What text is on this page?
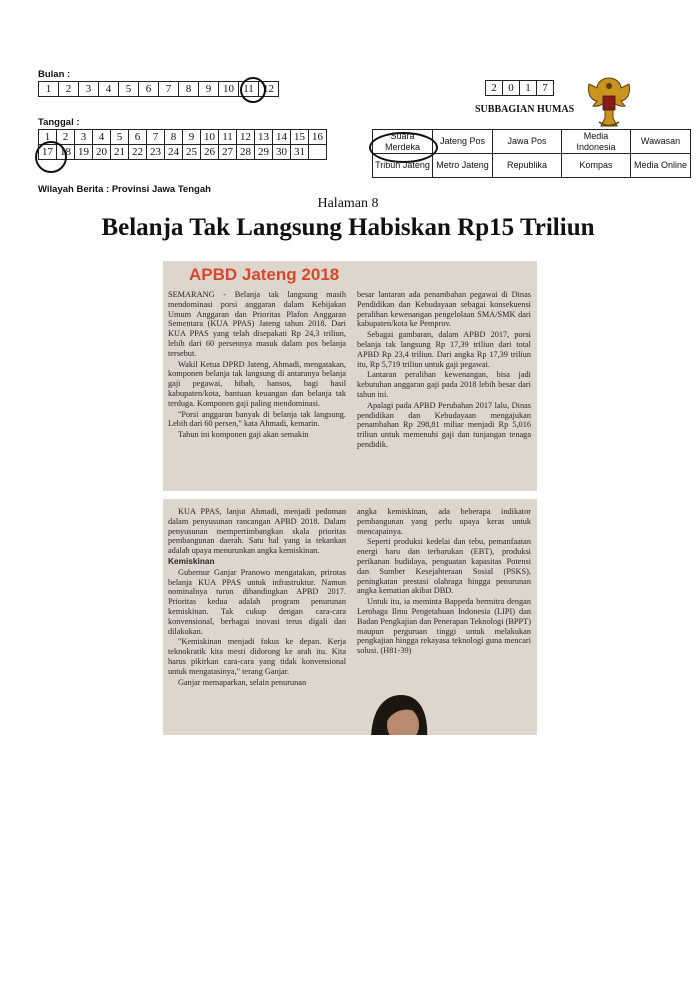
Bulan :
1	2	3	4	5	6	7	8	9	10	11	12
Tanggal :
1	2	3	4	5	6	7	8	9	10	11	12	13	14	15	16
17	18	19	20	21	22	23	24	25	26	27	28	29	30	31	
Wilayah Berita : Provinsi Jawa Tengah
2	0	1	7
SUBBAGIAN HUMAS
Suara Merdeka	Jateng Pos	Jawa Pos	Media Indonesia	Wawasan
Tribun Jateng	Metro Jateng	Republika	Kompas	Media Online
Halaman 8
Belanja Tak Langsung Habiskan Rp15 Triliun
APBD Jateng 2018

SEMARANG - Belanja tak langsung masih mendominasi porsi anggaran dalam Kebijakan Umum Anggaran dan Prioritas Plafon Anggaran Sementara (KUA PPAS) Jateng tahun 2018. Dari KUA PPAS yang telah disepakati Rp 24,3 triliun, lebih dari 60 persennya masuk dalam pos belanja tersebut.

Wakil Ketua DPRD Jateng, Ahmadi, mengatakan, komponen belanja tak langsung di antaranya belanja gaji pegawai, hibah, bansos, bagi hasil kabupaten/kota, bantuan keuangan dan belanja tak terduga. Komponen gaji paling mendominasi.

"Porsi anggaran banyak di belanja tak langsung. Lebih dari 60 persen," kata Ahmadi, kemarin.

Tahun ini komponen gaji akan semakin

besar lantaran ada penambahan pegawai di Dinas Pendidikan dan Kebudayaan sebagai konsekuensi peralihan kewenangan pengelolaan SMA/SMK dari kabupaten/kota ke Pemprov.

Sebagai gambaran, dalam APBD 2017, porsi belanja tak langsung Rp 17,39 triliun dari total APBD Rp 23,4 triliun. Dari angka Rp 17,39 triliun itu, Rp 5,719 triliun untuk gaji pegawai.

Lantaran peralihan kewenangan, bisa jadi kebutuhan anggaran gaji pada 2018 lebih besar dari tahun ini.

Apalagi pada APBD Perubahan 2017 lalu, Dinas pendidikan dan Kebudayaan mengajukan penambahan Rp 298,81 miliar menjadi Rp 5,016 triliun untuk memenuhi gaji dan tunjangan tenaga pendidik.

KUA PPAS, lanjut Ahmadi, menjadi pedoman dalam penyusunan rancangan APBD 2018. Dalam penyusunan mempertimbangkan skala prioritas pembangunan daerah. Satu hal yang ia tekankan adalah upaya menurunkan angka kemiskinan.

Kemiskinan

Gubernur Ganjar Pranowo mengatakan, prirotas belanja KUA PPAS untuk infrastruktur. Namun nominalnya turun dibandingkan APBD 2017. Prioritas kedua adalah program penurunan kemiskinan. Tak cukup dengan cara-cara konvensional, berbagai inovasi terus digali dan dilakukan.

"Kemiskinan menjadi fokus ke depan. Kerja teknokratik kita mesti didorong ke arah itu. Kita harus pikirkan cara-cara yang tidak konvensional untuk mengatasinya," terang Ganjar.

Ganjar memaparkan, selain penurunan

angka kemiskinan, ada beberapa indikator pembangunan yang perlu upaya keras untuk mencapainya.

Seperti produksi kedelai dan tebu, pemanfaatan energi baru dan terbarukan (EBT), produksi perikanan budidaya, penguatan kapasitas Potensi dan Sumber Kesejahteraan Sosial (PSKS), peningkatan prestasi olahraga hingga penurunan angka kematian akibat DBD.

Untuk itu, ia meminta Bappeda bermitra dengan Lembaga Ilmu Pengetahuan Indonesia (LIPI) dan Badan Pengkajian dan Penerapan Teknologi (BPPT) maupun perguruan tinggi untuk melakukan pengkajian hingga rekayasa teknologi guna mencari solusi. (H81-39)
